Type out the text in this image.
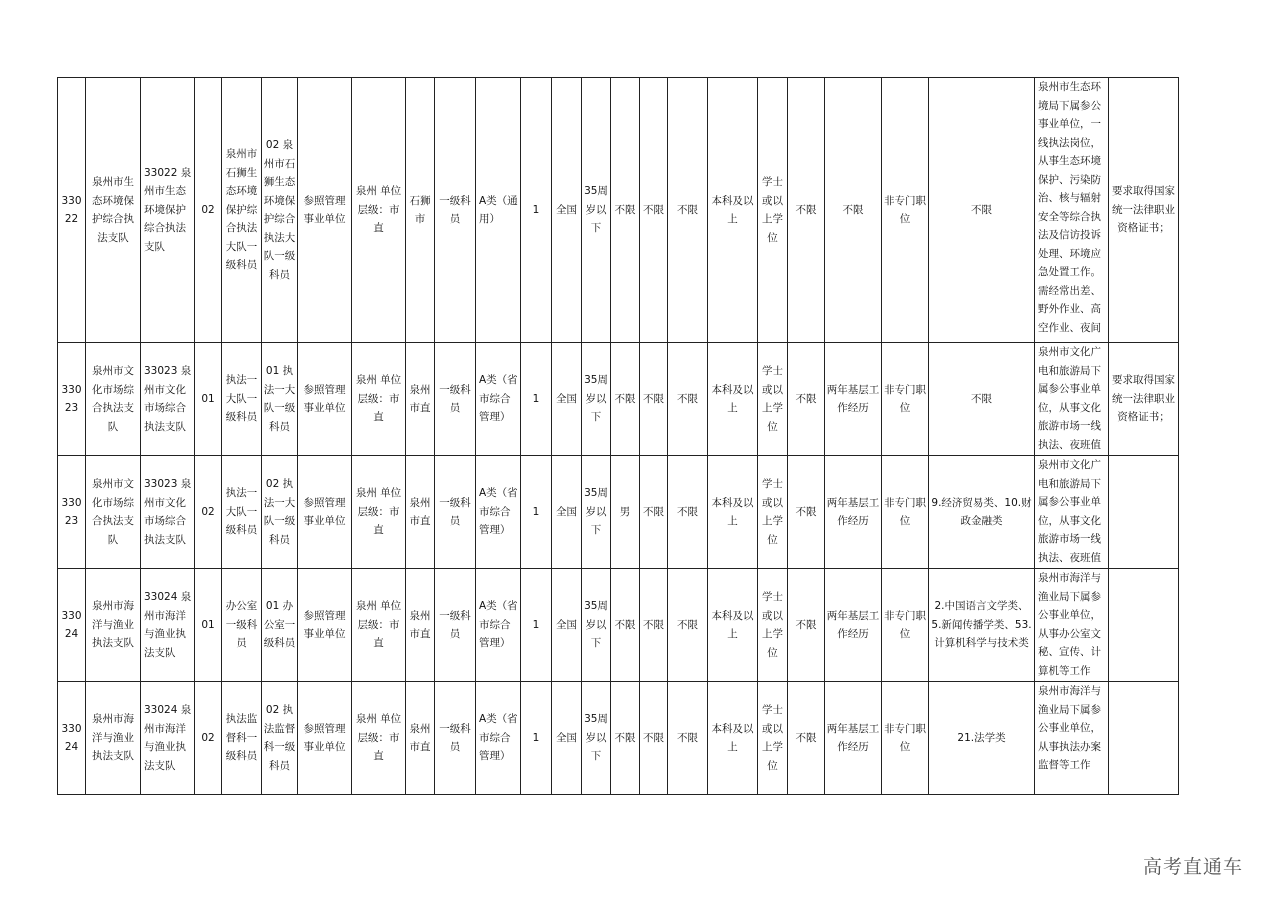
33022	泉州市生态环境保护综合执法支队	33022 泉州市生态环境保护综合执法支队	02	泉州市石狮生态环境保护综合执法大队一级科员	02 泉州市石狮生态环境保护综合执法大队一级科员	参照管理事业单位	泉州 单位层级：市直	石狮市	一级科员	A类（通用）	1	全国	35周岁以下	不限	不限	不限	本科及以上	学士或以上学位	不限	不限	非专门职位	不限	泉州市生态环境局下属参公事业单位，一线执法岗位，从事生态环境保护、污染防治、核与辐射安全等综合执法及信访投诉处理、环境应急处置工作。需经常出差、野外作业、高空作业、夜间	要求取得国家统一法律职业资格证书；
33023	泉州市文化市场综合执法支队	33023 泉州市文化市场综合执法支队	01	执法一大队一级科员	01 执法一大队一级科员	参照管理事业单位	泉州 单位层级：市直	泉州市直	一级科员	A类（省市综合管理）	1	全国	35周岁以下	不限	不限	不限	本科及以上	学士或以上学位	不限	两年基层工作经历	非专门职位	不限	泉州市文化广电和旅游局下属参公事业单位，从事文化旅游市场一线执法、夜班值	要求取得国家统一法律职业资格证书；
33023	泉州市文化市场综合执法支队	33023 泉州市文化市场综合执法支队	02	执法一大队一级科员	02 执法一大队一级科员	参照管理事业单位	泉州 单位层级：市直	泉州市直	一级科员	A类（省市综合管理）	1	全国	35周岁以下	男	不限	不限	本科及以上	学士或以上学位	不限	两年基层工作经历	非专门职位	9.经济贸易类、10.财政金融类	泉州市文化广电和旅游局下属参公事业单位，从事文化旅游市场一线执法、夜班值	
33024	泉州市海洋与渔业执法支队	33024 泉州市海洋与渔业执法支队	01	办公室一级科员	01 办公室一级科员	参照管理事业单位	泉州 单位层级：市直	泉州市直	一级科员	A类（省市综合管理）	1	全国	35周岁以下	不限	不限	不限	本科及以上	学士或以上学位	不限	两年基层工作经历	非专门职位	2.中国语言文学类、5.新闻传播学类、53.计算机科学与技术类	泉州市海洋与渔业局下属参公事业单位，从事办公室文秘、宣传、计算机等工作	
33024	泉州市海洋与渔业执法支队	33024 泉州市海洋与渔业执法支队	02	执法监督科一级科员	02 执法监督科一级科员	参照管理事业单位	泉州 单位层级：市直	泉州市直	一级科员	A类（省市综合管理）	1	全国	35周岁以下	不限	不限	不限	本科及以上	学士或以上学位	不限	两年基层工作经历	非专门职位	21.法学类	泉州市海洋与渔业局下属参公事业单位，从事执法办案监督等工作	
高考直通车
